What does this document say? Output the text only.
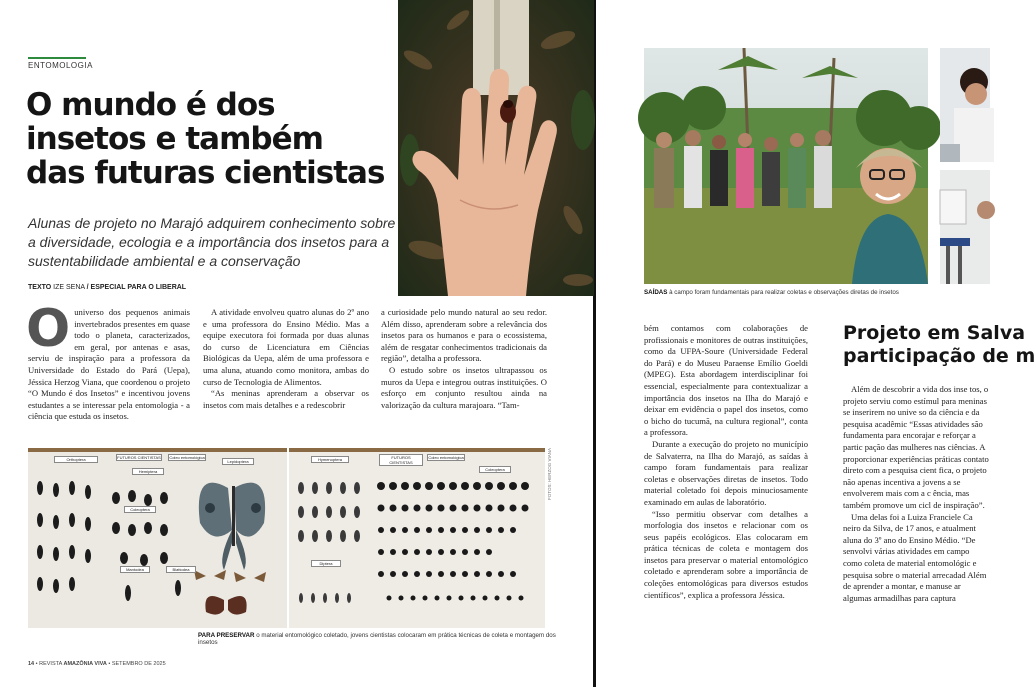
ENTOMOLOGIA
O mundo é dos
insetos e também
das futuras cientistas
Alunas de projeto no Marajó adquirem conhecimento sobre a diversidade, ecologia e a importância dos insetos para a sustentabilidade ambiental e a conservação
TEXTO IZE SENA / ESPECIAL PARA O LIBERAL

Ouniverso dos pequenos animais invertebrados presentes em quase todo o planeta, caracterizados, em geral, por antenas e asas, serviu de inspiração para a professora da Universidade do Estado do Pará (Uepa), Jéssica Herzog Viana, que coordenou o projeto “O Mundo é dos Insetos” e incentivou jovens estudantes a se interessar pela entomologia - a ciência que estuda os insetos.

A atividade envolveu quatro alunas do 2º ano e uma professora do Ensino Médio. Mas a equipe executora foi formada por duas alunas do curso de Licenciatura em Ciências Biológicas da Uepa, além de uma professora e uma aluna, atuando como monitora, ambas do curso de Tecnologia de Alimentos.

“As meninas aprenderam a observar os insetos com mais detalhes e a redescobrir

a curiosidade pelo mundo natural ao seu redor. Além disso, aprenderam sobre a relevância dos insetos para os humanos e para o ecossistema, além de resgatar conhecimentos tradicionais da região”, detalha a professora.

O estudo sobre os insetos ultrapassou os muros da Uepa e integrou outras instituições. O esforço em conjunto resultou ainda na valorização da cultura marajoara. “Tam-

Orthoptera	FUTUROS CIENTISTAS	Coleo entomológica
Hemiptera
Coleoptera
Lepidoptera
Mantodea	Blattodea
Hymenoptera	FUTUROS CIENTISTAS
Coleo entomológica
Coleoptera
Diptera
FOTOS: HERZOG VIANA
PARA PRESERVAR o material entomológico coletado, jovens cientistas colocaram em prática técnicas de coleta e montagem dos insetos
14 • REVISTA AMAZÔNIA VIVA • SETEMBRO DE 2025
SAÍDAS à campo foram fundamentais para realizar coletas e observações diretas de insetos

bém contamos com colaborações de profissionais e monitores de outras instituições, como da UFPA-Soure (Universidade Federal do Pará) e do Museu Paraense Emílio Goeldi (MPEG). Esta abordagem interdisciplinar foi essencial, especialmente para contextualizar a importância dos insetos na Ilha do Marajó e deixar em evidência o papel dos insetos, como o bicho do tucumã, na cultura regional”, conta a professora.

Durante a execução do projeto no município de Salvaterra, na Ilha do Marajó, as saídas à campo foram fundamentais para realizar coletas e observações diretas de insetos. Todo material coletado foi depois minuciosamente examinado em aulas de laboratório.

“Isso permitiu observar com detalhes a morfologia dos insetos e relacionar com os seus papéis ecológicos. Elas colocaram em prática técnicas de coleta e montagem dos insetos para preservar o material entomológico coletado e aprenderam sobre a importância de coleções entomológicas para diversos estudos científicos”, explica a professora Jéssica.

Projeto em Salva
participação de m

Além de descobrir a vida dos inse tos, o projeto serviu como estímul para meninas se inserirem no unive so da ciência e da pesquisa acadêmic “Essas atividades são fundamenta para encorajar e reforçar a partic pação das mulheres nas ciências. A proporcionar experiências práticas contato direto com a pesquisa cient fica, o projeto não apenas incentiva a jovens a se envolverem mais com a c ência, mas também promove um cicl de inspiração”.

Uma delas foi a Luiza Franciele Ca neiro da Silva, de 17 anos, e atualment aluna do 3º ano do Ensino Médio. “De senvolvi várias atividades em campo como coleta de material entomológic e pesquisa sobre o material arrecadad Além de aprender a montar, e manuse ar algumas armadilhas para captura
